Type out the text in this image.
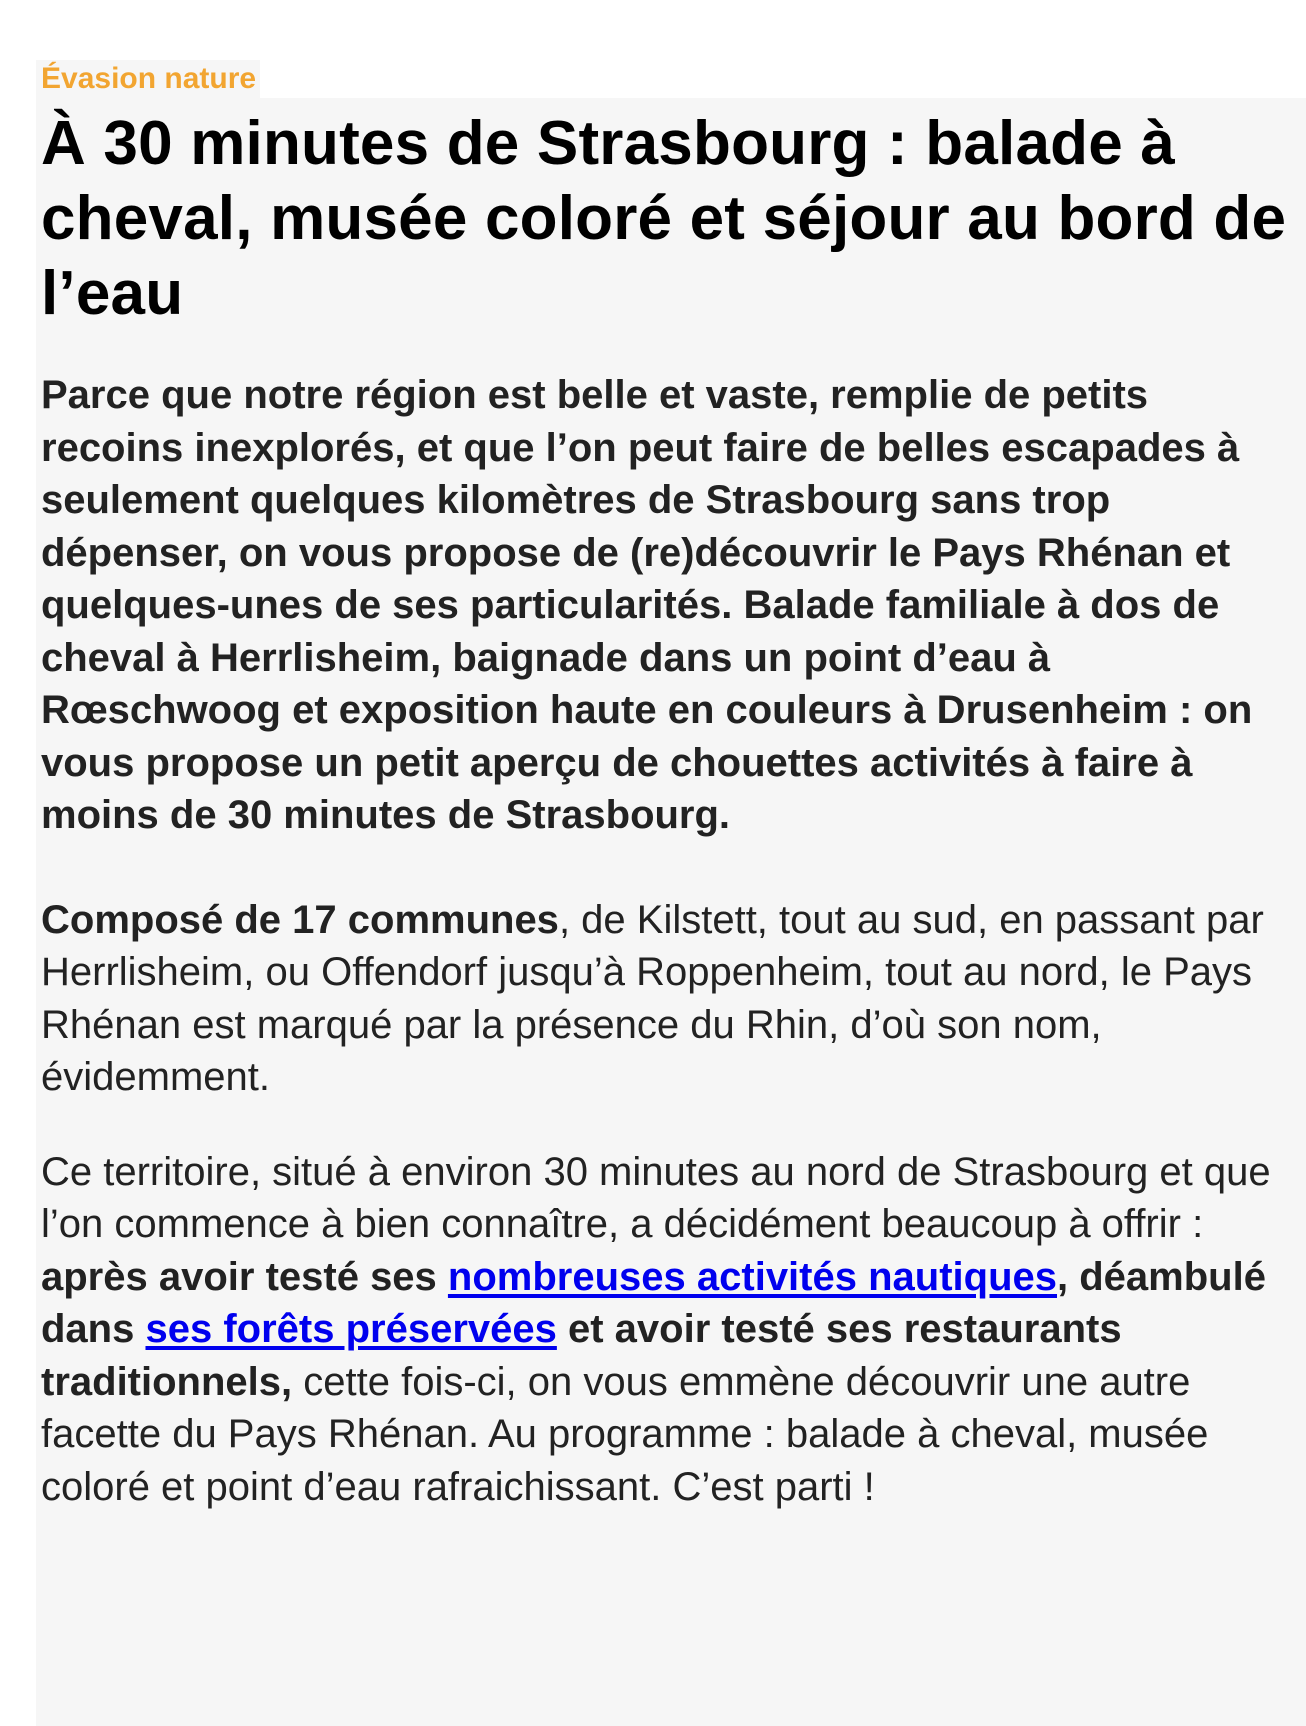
Évasion nature
À 30 minutes de Strasbourg : balade à cheval, musée coloré et séjour au bord de l’eau

Parce que notre région est belle et vaste, remplie de petits recoins inexplorés, et que l’on peut faire de belles escapades à seulement quelques kilomètres de Strasbourg sans trop dépenser, on vous propose de (re)découvrir le Pays Rhénan et quelques-unes de ses particularités. Balade familiale à dos de cheval à Herrlisheim, baignade dans un point d’eau à Rœschwoog et exposition haute en couleurs à Drusenheim : on vous propose un petit aperçu de chouettes activités à faire à moins de 30 minutes de Strasbourg.

Composé de 17 communes, de Kilstett, tout au sud, en passant par Herrlisheim, ou Offendorf jusqu’à Roppenheim, tout au nord, le Pays Rhénan est marqué par la présence du Rhin, d’où son nom, évidemment.

Ce territoire, situé à environ 30 minutes au nord de Strasbourg et que l’on commence à bien connaître, a décidément beaucoup à offrir : après avoir testé ses nombreuses activités nautiques, déambulé dans ses forêts préservées et avoir testé ses restaurants traditionnels, cette fois-ci, on vous emmène découvrir une autre facette du Pays Rhénan. Au programme : balade à cheval, musée coloré et point d’eau rafraichissant. C’est parti !
